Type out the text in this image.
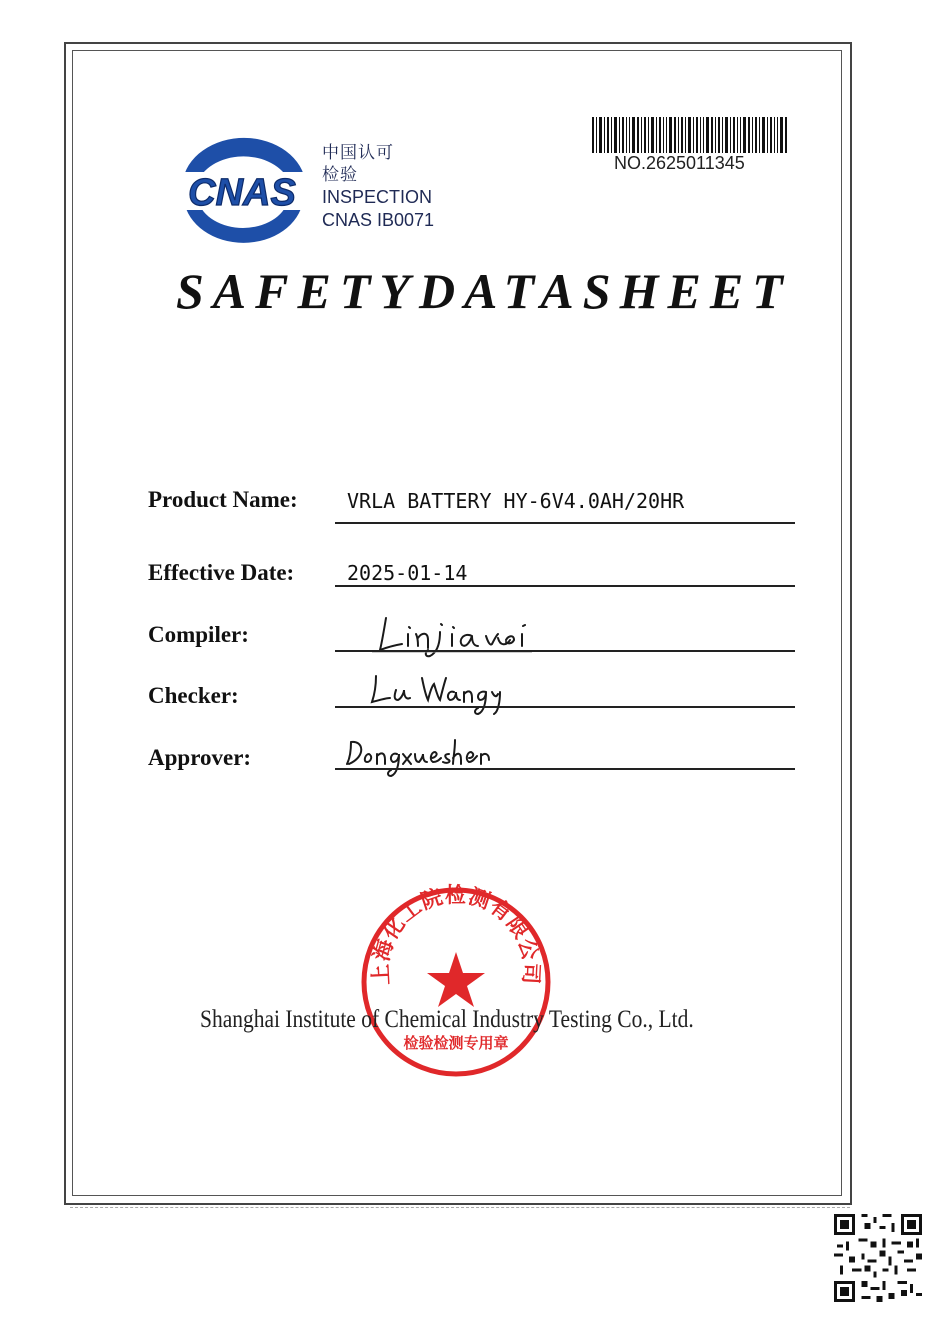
CNAS
中国认可
检验
INSPECTION
CNAS IB0071
NO.2625011345
SAFETYDATASHEET
Product Name: VRLA BATTERY HY-6V4.0AH/20HR
Effective Date:	2025-01-14
Compiler:
Checker:
Approver:
上海化工院检测有限公司
检验检测专用章
Shanghai Institute of Chemical Industry Testing Co., Ltd.
